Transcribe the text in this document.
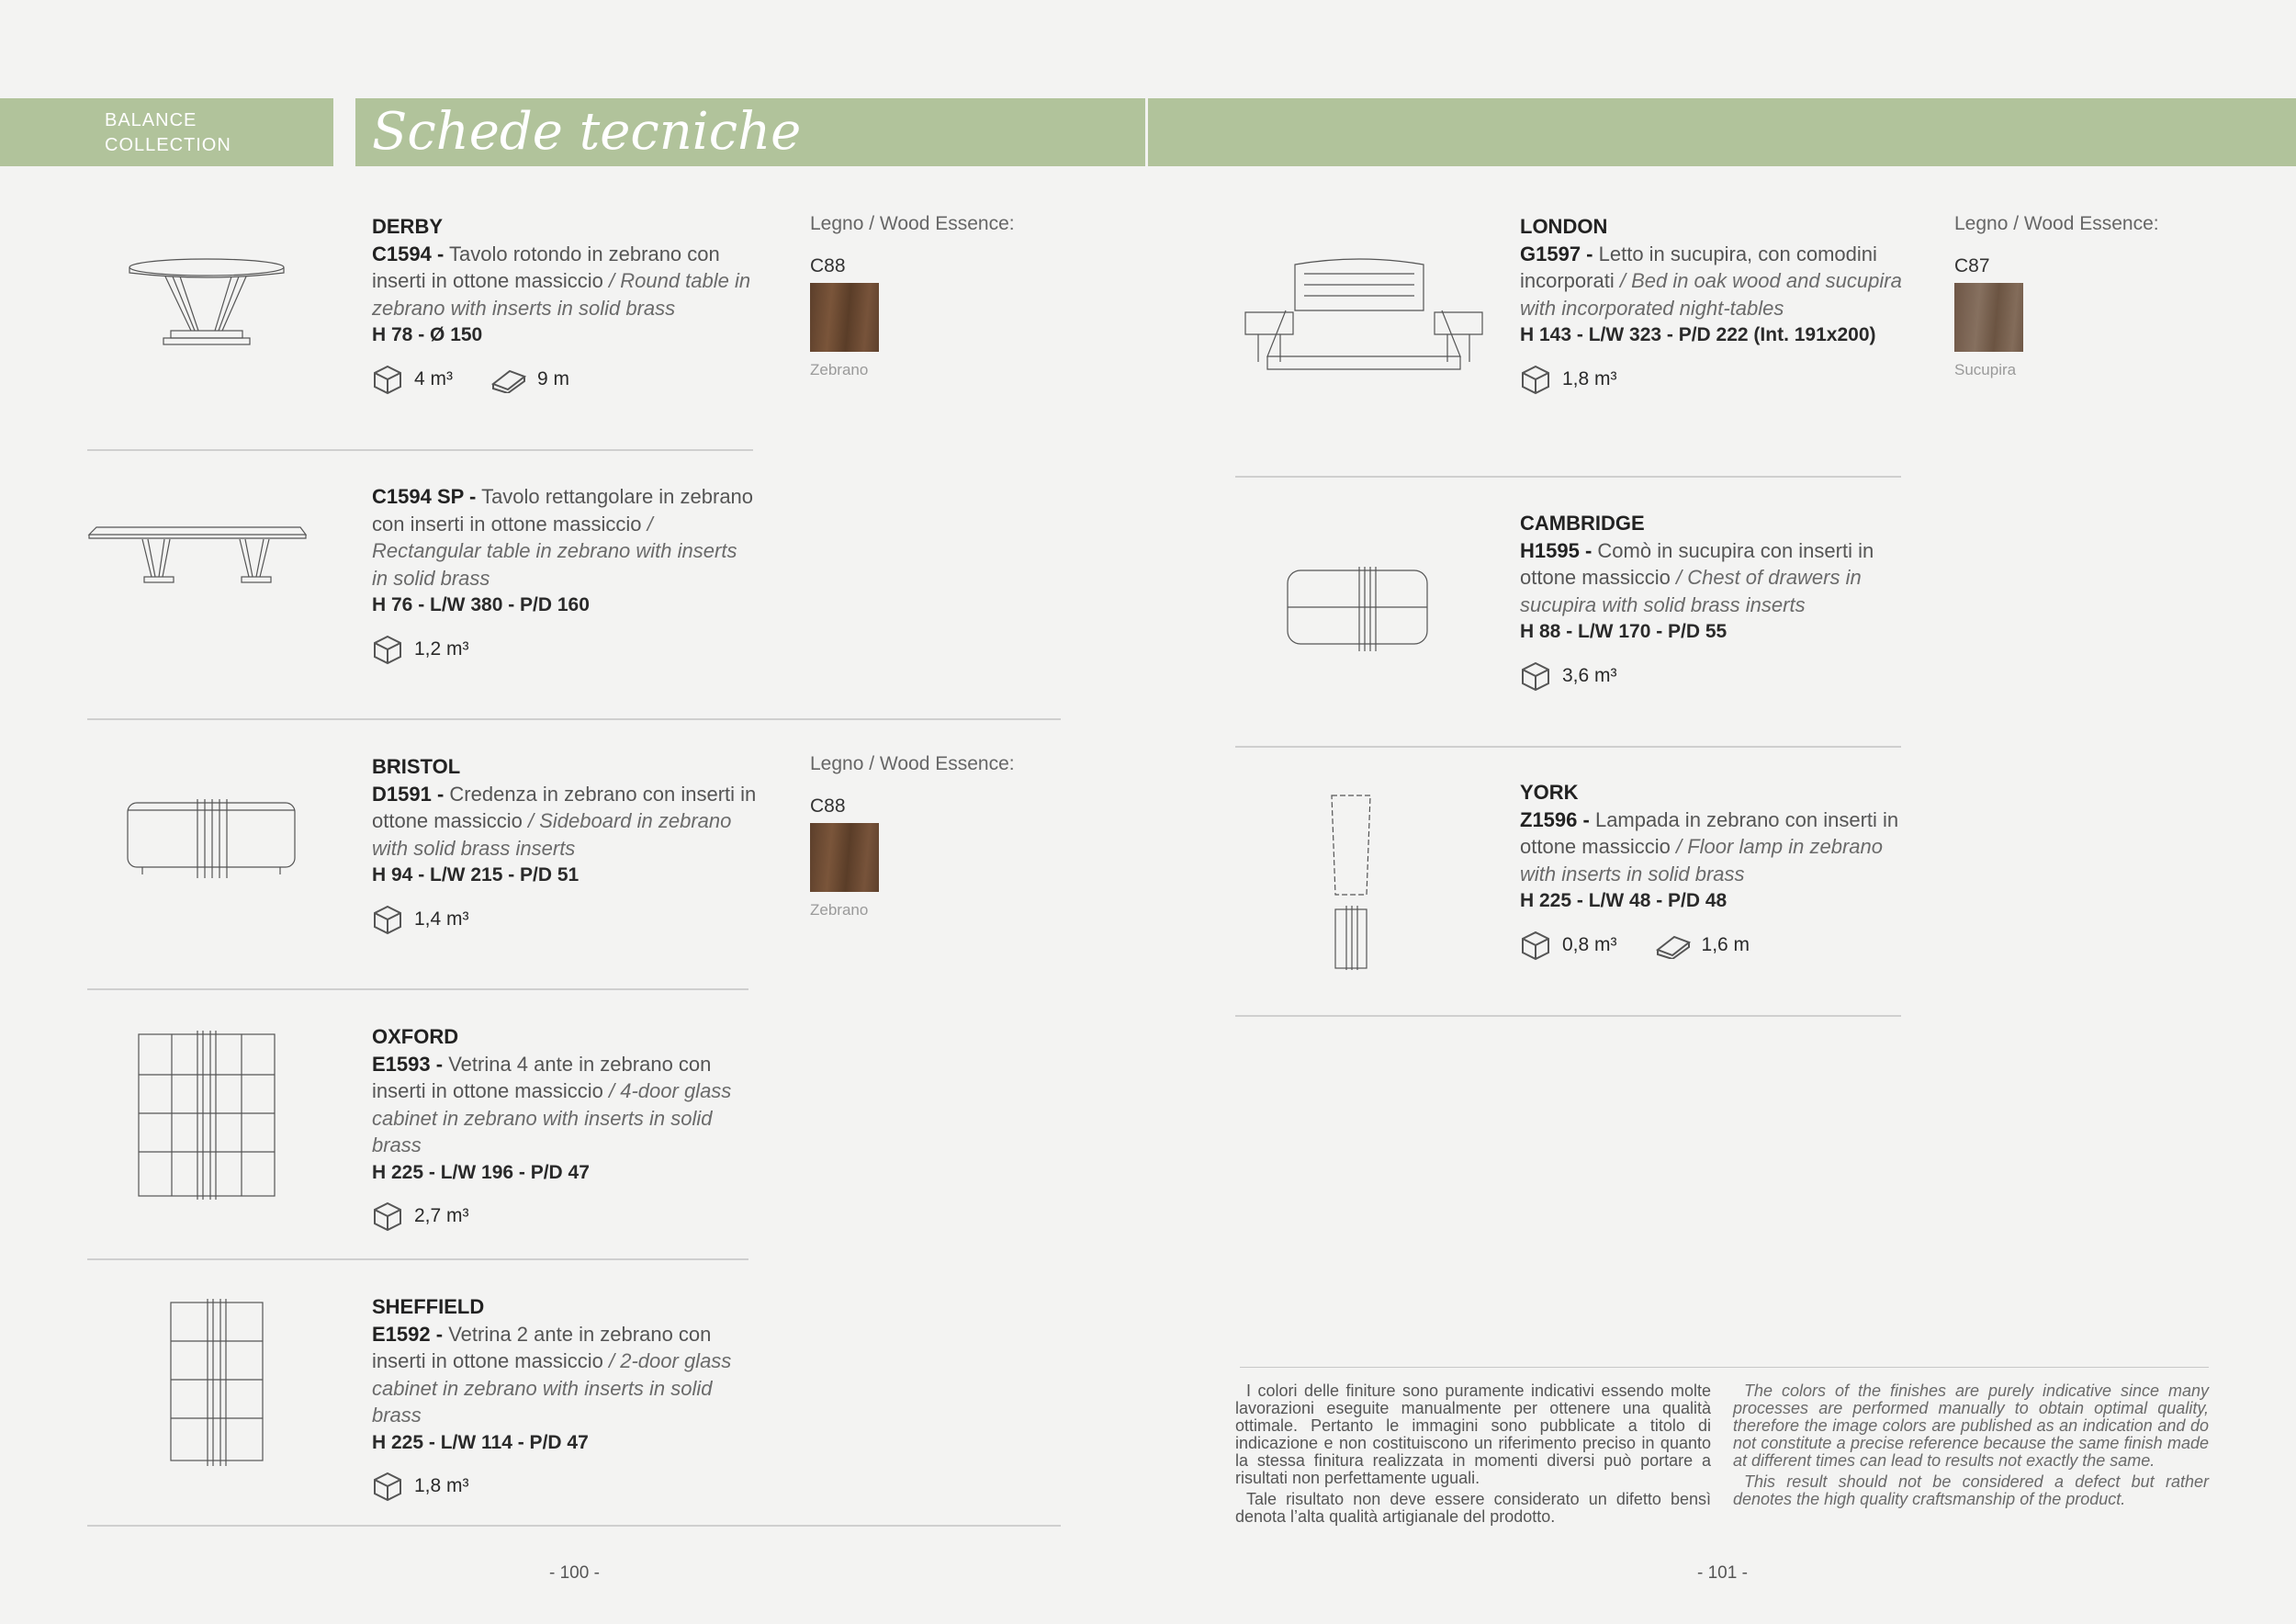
BALANCE
COLLECTION	Schede tecniche
DERBY
C1594 - Tavolo rotondo in zebrano con inserti in ottone massiccio / Round table in zebrano with inserts in solid brass
H 78 - Ø 150
4 m³	9 m
Legno / Wood Essence:
C88
Zebrano
C1594 SP - Tavolo rettangolare in zebrano con inserti in ottone massiccio / Rectangular table in zebrano with inserts in solid brass
H 76 - L/W 380 - P/D 160
1,2 m³
BRISTOL
D1591 - Credenza in zebrano con inserti in ottone massiccio / Sideboard in zebrano with solid brass inserts
H 94 - L/W 215 - P/D 51
1,4 m³
Legno / Wood Essence:
C88
Zebrano
OXFORD
E1593 - Vetrina 4 ante in zebrano con inserti in ottone massiccio / 4-door glass cabinet in zebrano with inserts in solid brass
H 225 - L/W 196 - P/D 47
2,7 m³
SHEFFIELD
E1592 - Vetrina 2 ante in zebrano con inserti in ottone massiccio / 2-door glass cabinet in zebrano with inserts in solid brass
H 225 - L/W 114 - P/D 47
1,8 m³
- 100 -
LONDON
G1597 - Letto in sucupira, con comodini incorporati / Bed in oak wood and sucupira with incorporated night-tables
H 143 - L/W 323 - P/D 222 (Int. 191x200)
1,8 m³
Legno / Wood Essence:
C87
Sucupira
CAMBRIDGE
H1595 - Comò in sucupira con inserti in ottone massiccio / Chest of drawers in sucupira with solid brass inserts
H 88 - L/W 170 - P/D 55
3,6 m³
YORK
Z1596 - Lampada in zebrano con inserti in ottone massiccio / Floor lamp in zebrano with inserts in solid brass
H 225 - L/W 48 - P/D 48
0,8 m³	1,6 m

I colori delle finiture sono puramente indicativi essendo molte lavorazioni eseguite manualmente per ottenere una qualità ottimale. Pertanto le immagini sono pubblicate a titolo di indicazione e non costituiscono un riferimento preciso in quanto la stessa finitura realizzata in momenti diversi può portare a risultati non perfettamente uguali.

Tale risultato non deve essere considerato un difetto bensì denota l’alta qualità artigianale del prodotto.

The colors of the finishes are purely indicative since many processes are performed manually to obtain optimal quality, therefore the image colors are published as an indication and do not constitute a precise reference because the same finish made at different times can lead to results not exactly the same.

This result should not be considered a defect but rather denotes the high quality craftsmanship of the product.

- 101 -
